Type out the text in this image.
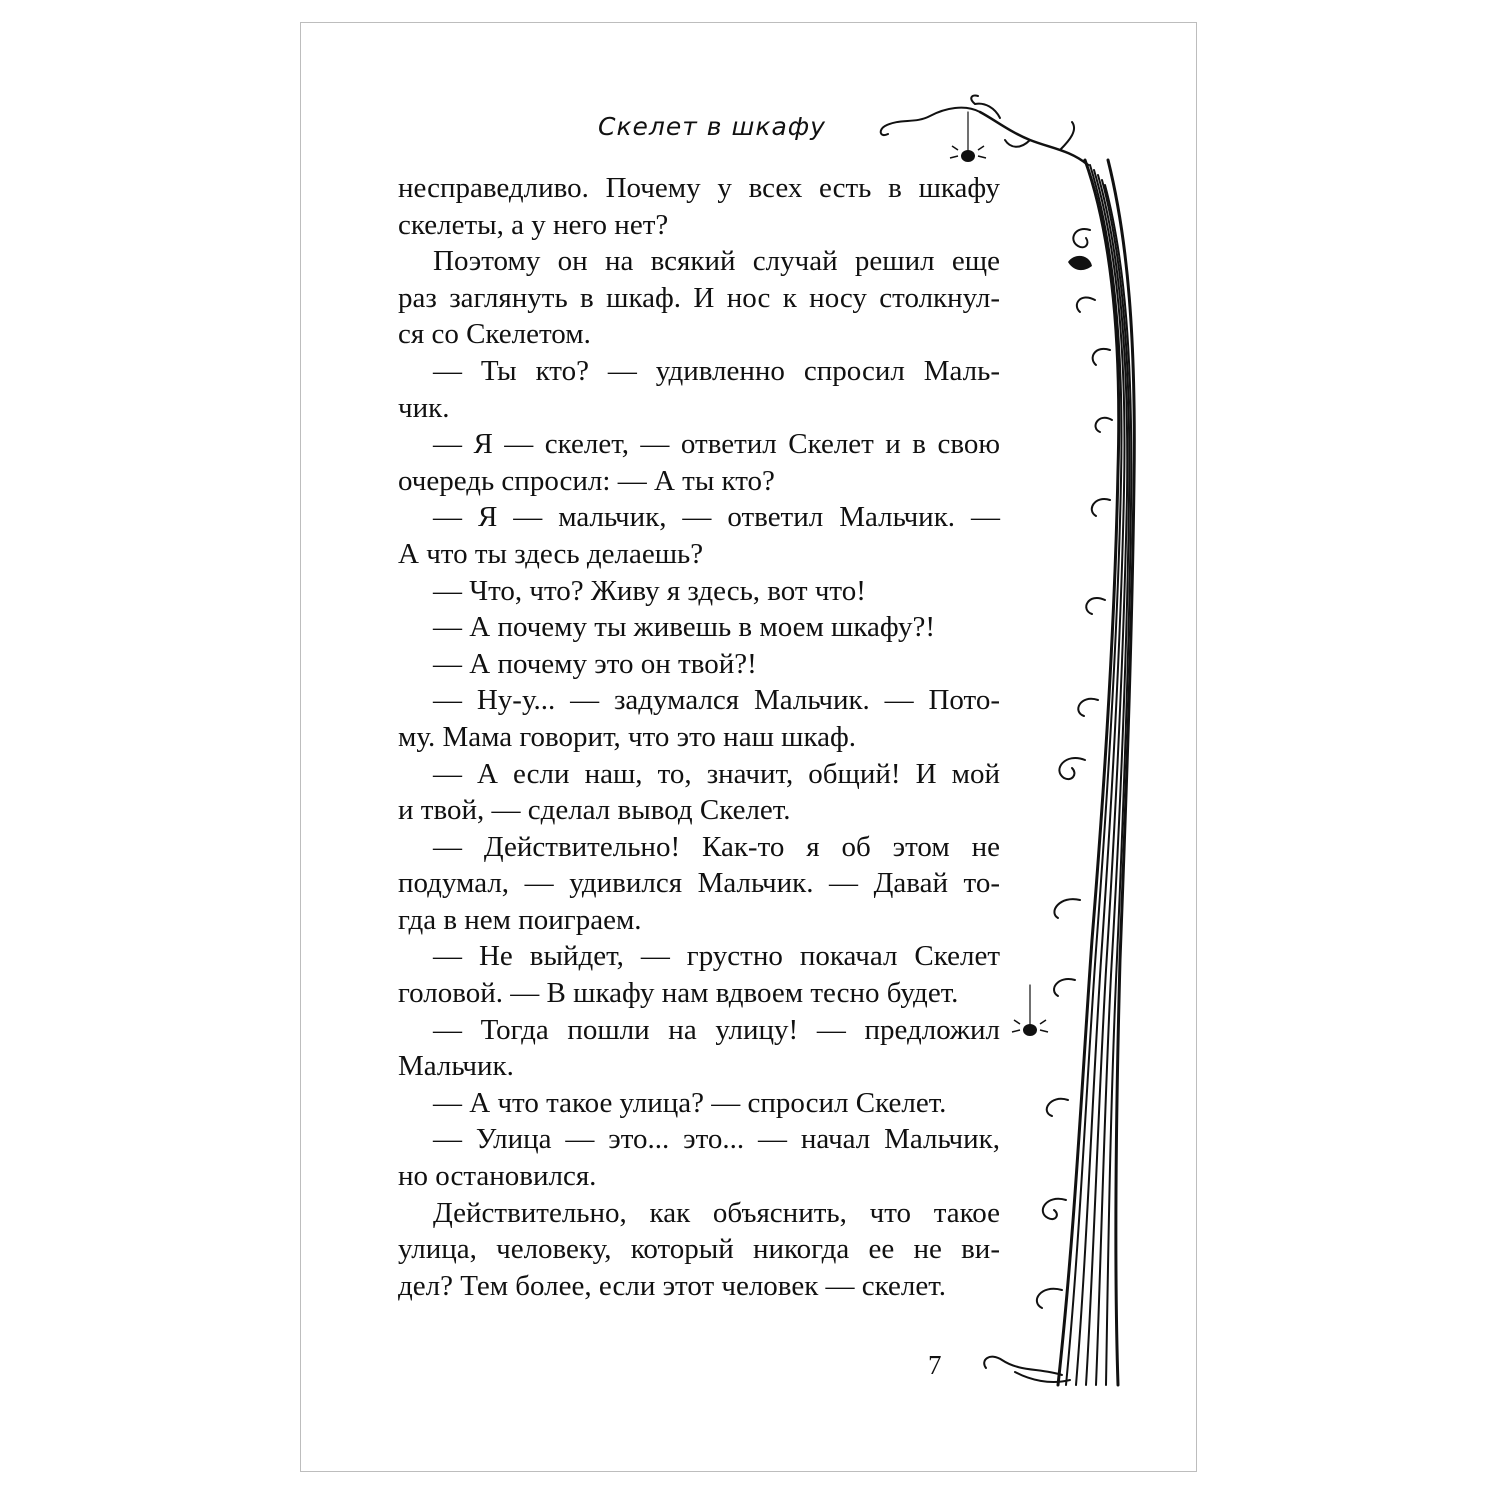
Скелет в шкафу

несправедливо. Почему у всех есть в шкафу
скелеты, а у него нет?

Поэтому он на всякий случай решил еще
раз заглянуть в шкаф. И нос к носу столкнул-
ся со Скелетом.

— Ты кто? — удивленно спросил Маль-
чик.

— Я — скелет, — ответил Скелет и в свою
очередь спросил: — А ты кто?

— Я — мальчик, — ответил Мальчик. —
А что ты здесь делаешь?

— Что, что? Живу я здесь, вот что!

— А почему ты живешь в моем шкафу?!

— А почему это он твой?!

— Ну-у... — задумался Мальчик. — Пото-
му. Мама говорит, что это наш шкаф.

— А если наш, то, значит, общий! И мой
и твой, — сделал вывод Скелет.

— Действительно! Как-то я об этом не
подумал, — удивился Мальчик. — Давай то-
гда в нем поиграем.

— Не выйдет, — грустно покачал Скелет
головой. — В шкафу нам вдвоем тесно будет.

— Тогда пошли на улицу! — предложил
Мальчик.

— А что такое улица? — спросил Скелет.

— Улица — это... это... — начал Мальчик,
но остановился.

Действительно, как объяснить, что такое
улица, человеку, который никогда ее не ви-
дел? Тем более, если этот человек — скелет.

7
